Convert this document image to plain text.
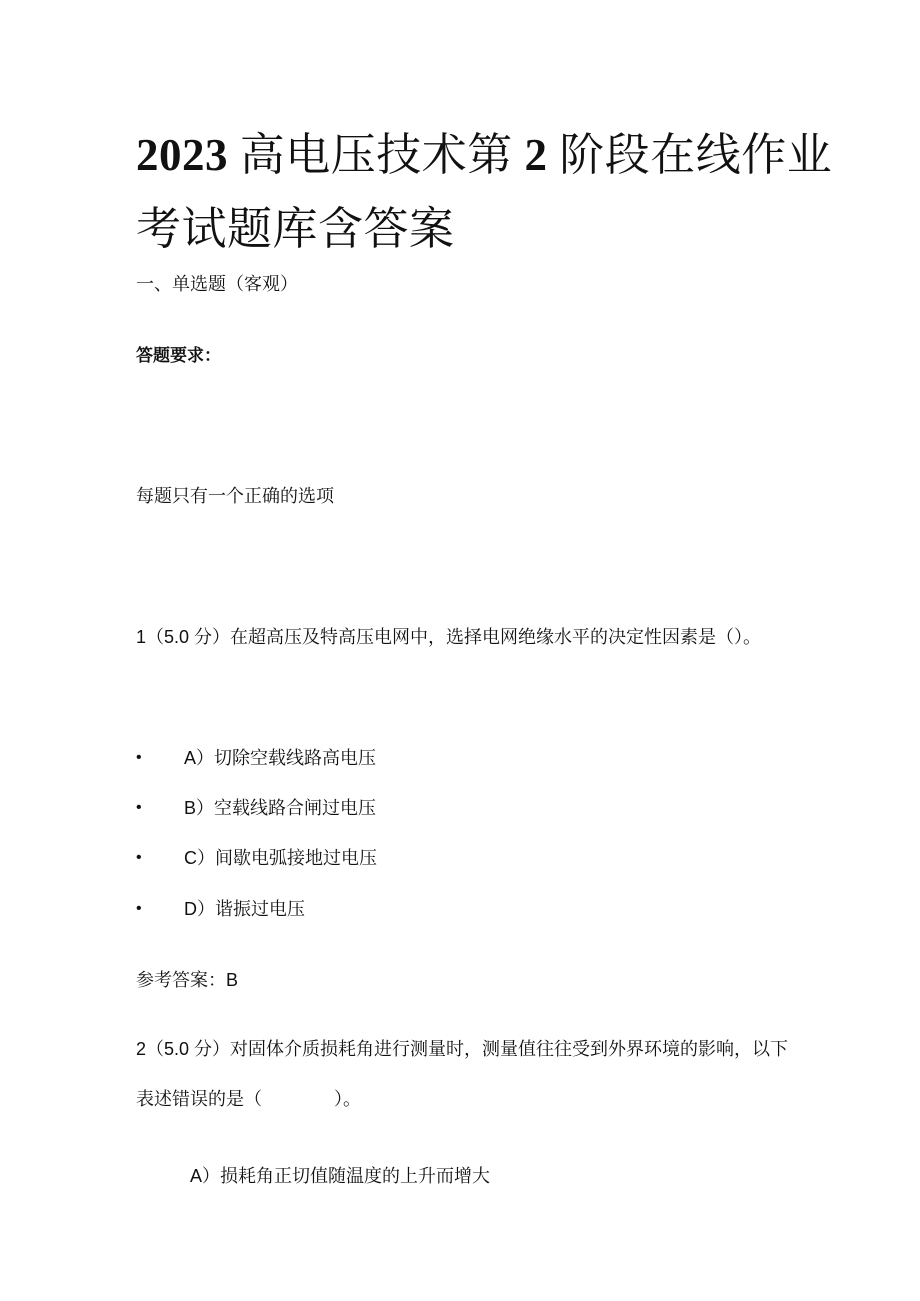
2023 高电压技术第 2 阶段在线作业
考试题库含答案

一、单选题（客观）

答题要求：

每题只有一个正确的选项

1（5.0 分）在超高压及特高压电网中，选择电网绝缘水平的决定性因素是（）。

•	A）切除空载线路高电压
•	B）空载线路合闸过电压
•	C）间歇电弧接地过电压
•	D）谐振过电压

参考答案：B

2（5.0 分）对固体介质损耗角进行测量时，测量值往往受到外界环境的影响，以下表述错误的是（　　　　）。

A）损耗角正切值随温度的上升而增大
